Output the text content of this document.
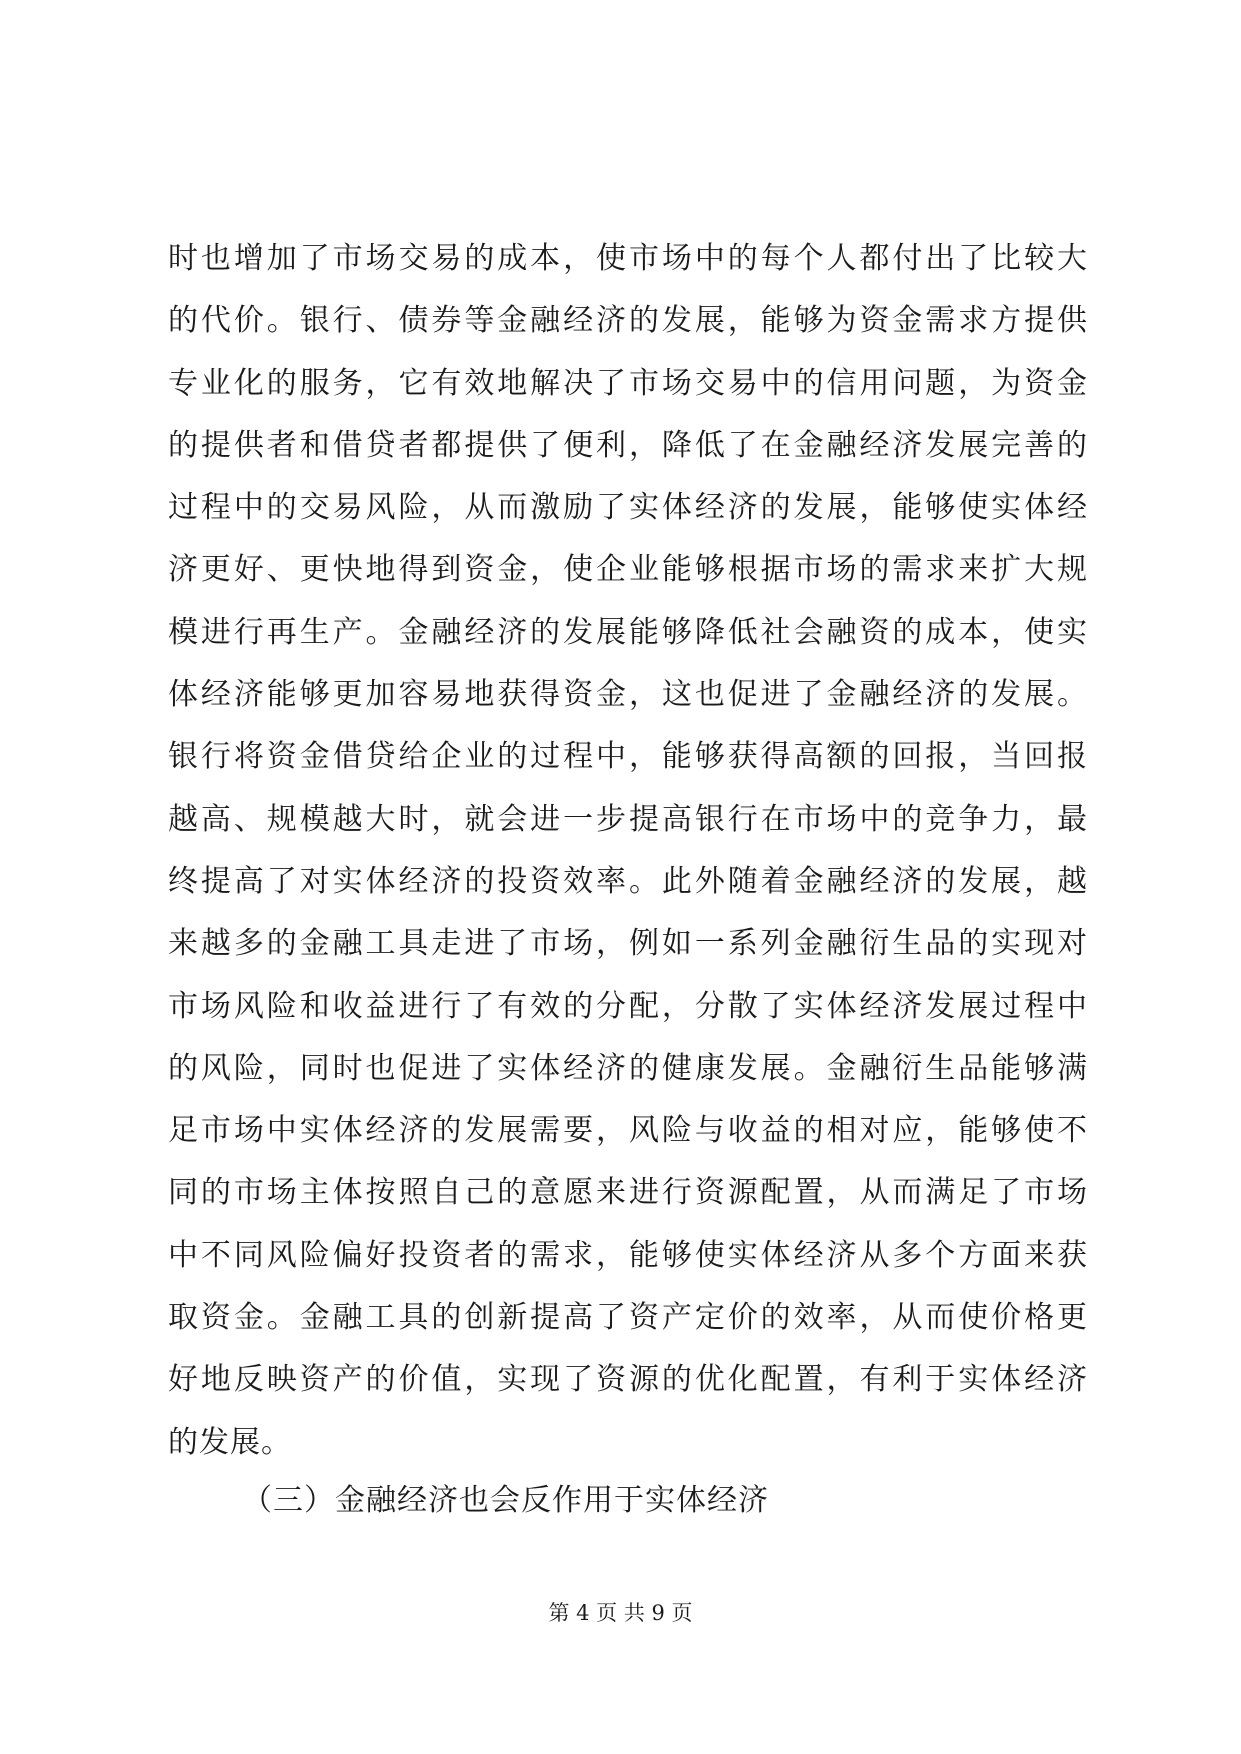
时也增加了市场交易的成本，使市场中的每个人都付出了比较大
的代价。银行、债券等金融经济的发展，能够为资金需求方提供
专业化的服务，它有效地解决了市场交易中的信用问题，为资金
的提供者和借贷者都提供了便利，降低了在金融经济发展完善的
过程中的交易风险，从而激励了实体经济的发展，能够使实体经
济更好、更快地得到资金，使企业能够根据市场的需求来扩大规
模进行再生产。金融经济的发展能够降低社会融资的成本，使实
体经济能够更加容易地获得资金，这也促进了金融经济的发展。
银行将资金借贷给企业的过程中，能够获得高额的回报，当回报
越高、规模越大时，就会进一步提高银行在市场中的竞争力，最
终提高了对实体经济的投资效率。此外随着金融经济的发展，越
来越多的金融工具走进了市场，例如一系列金融衍生品的实现对
市场风险和收益进行了有效的分配，分散了实体经济发展过程中
的风险，同时也促进了实体经济的健康发展。金融衍生品能够满
足市场中实体经济的发展需要，风险与收益的相对应，能够使不
同的市场主体按照自己的意愿来进行资源配置，从而满足了市场
中不同风险偏好投资者的需求，能够使实体经济从多个方面来获
取资金。金融工具的创新提高了资产定价的效率，从而使价格更
好地反映资产的价值，实现了资源的优化配置，有利于实体经济
的发展。
（三）金融经济也会反作用于实体经济
第 4 页 共 9 页
